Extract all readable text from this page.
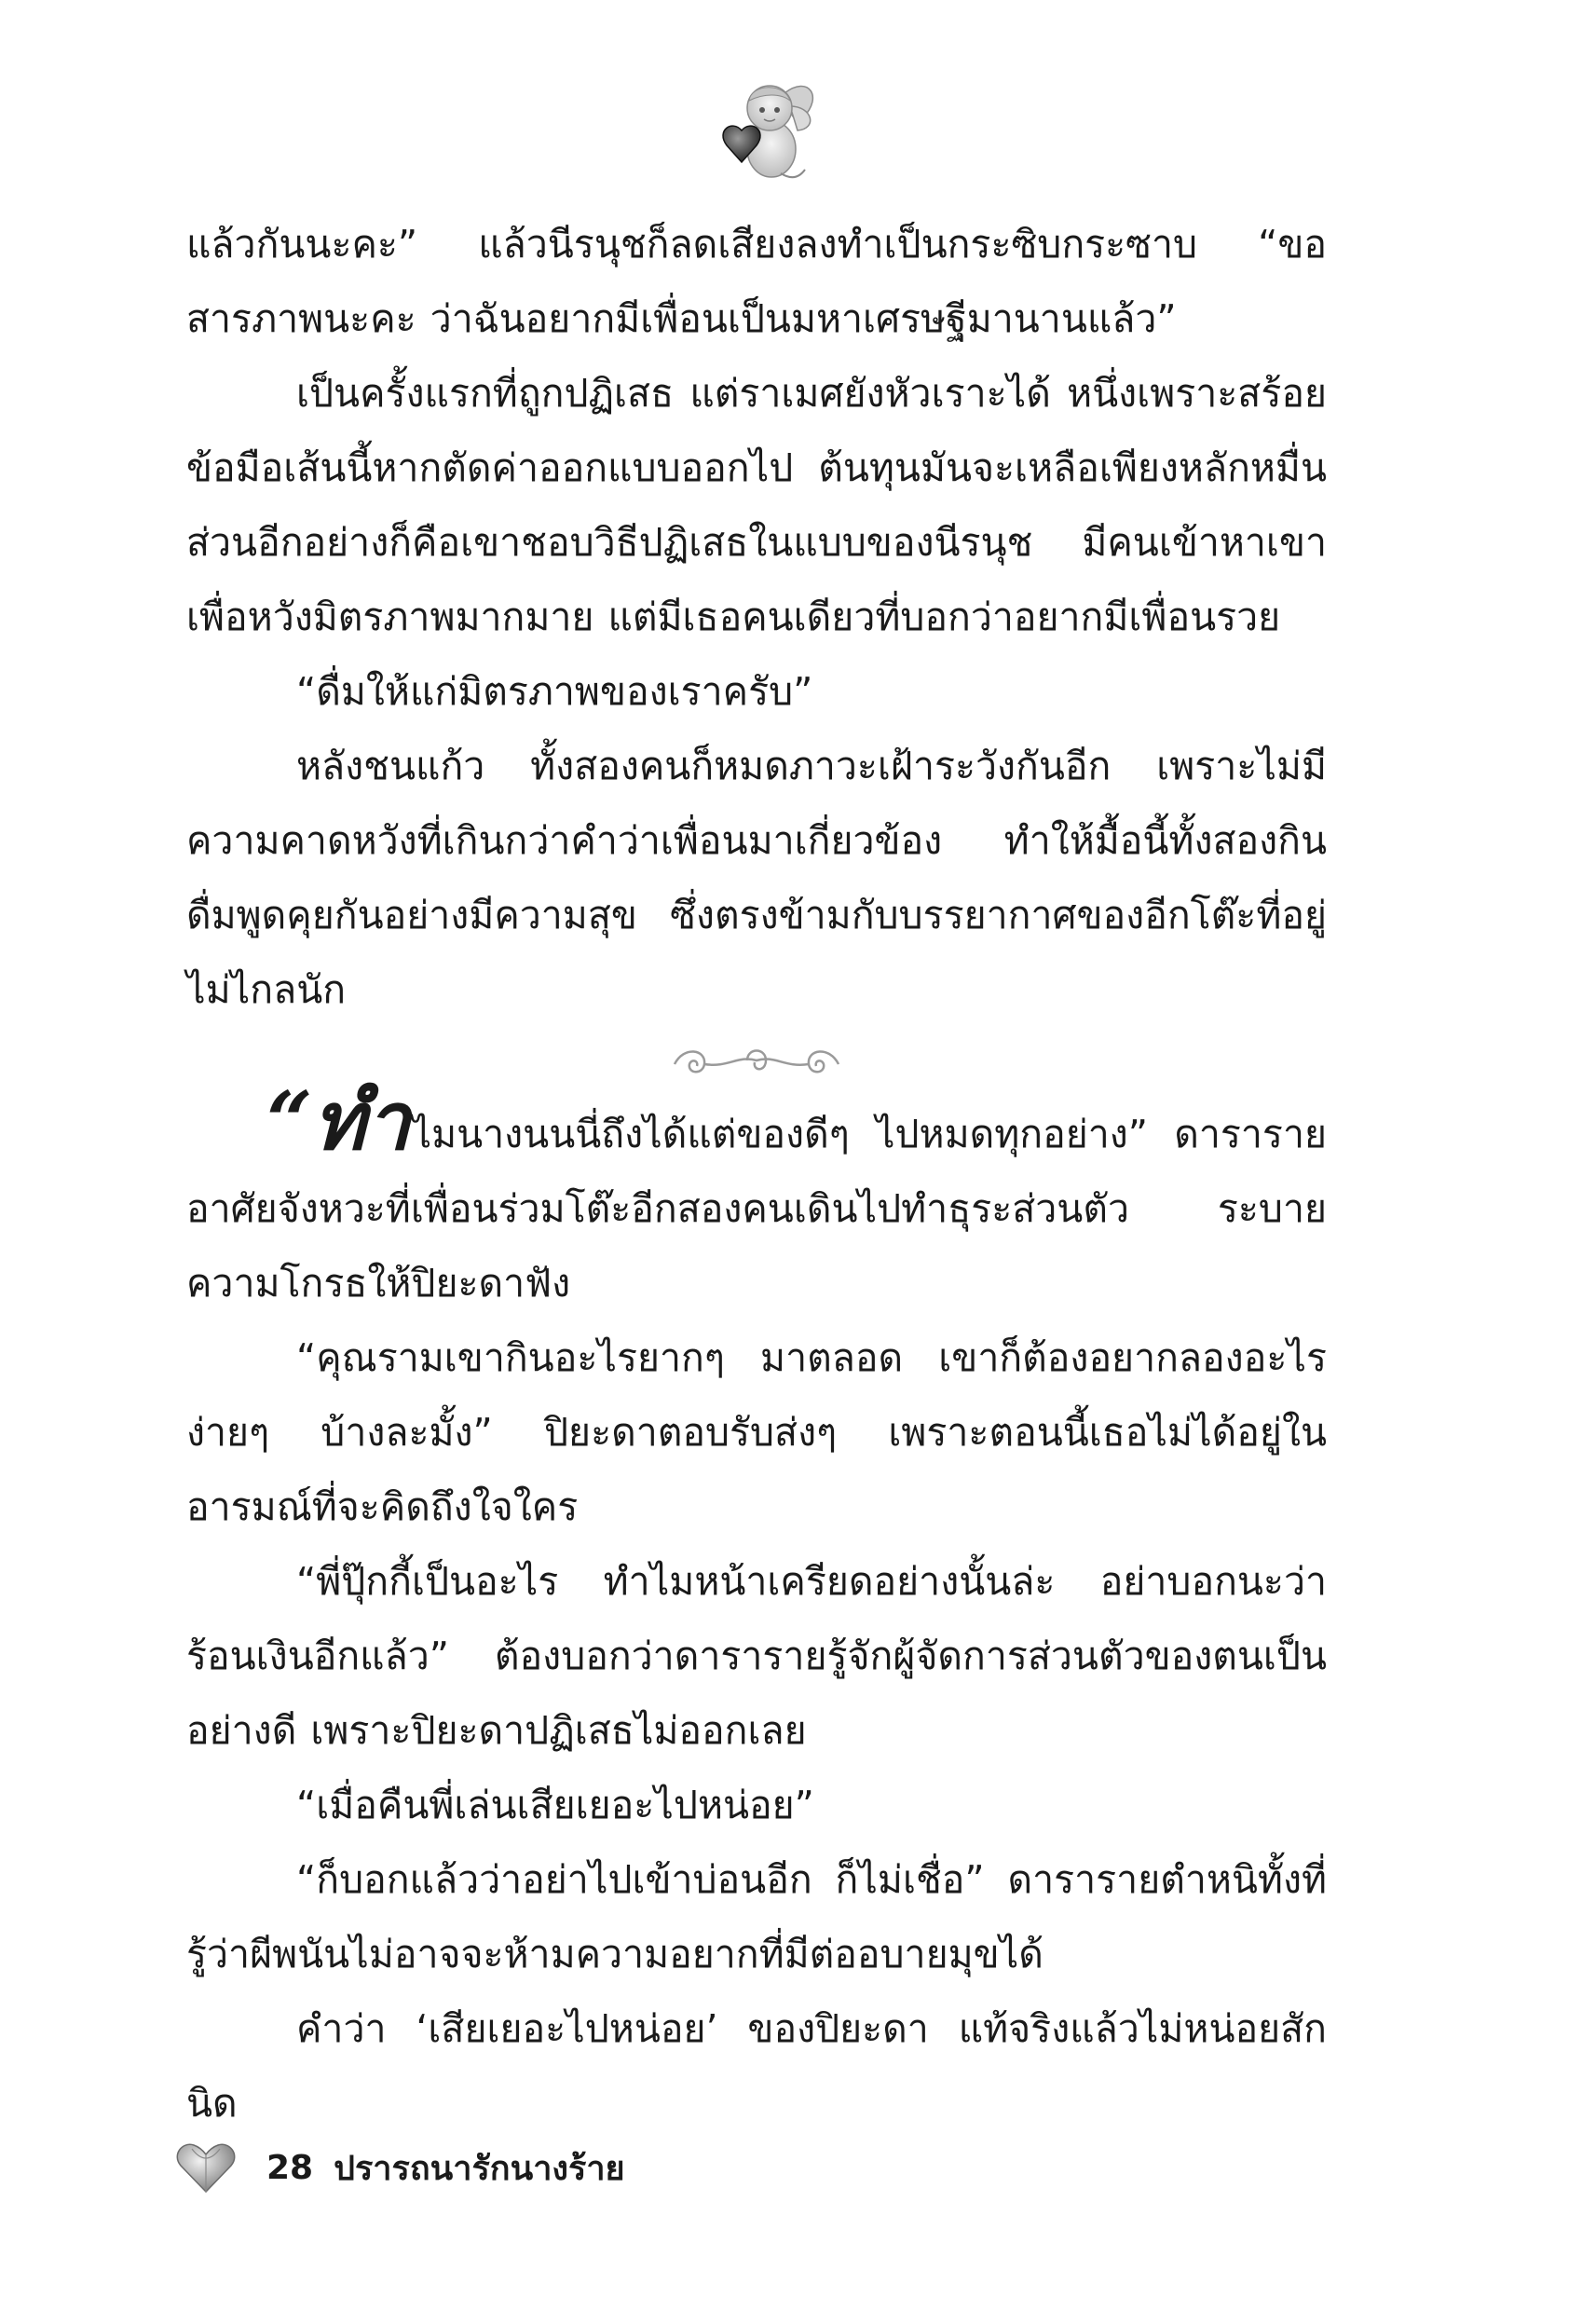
แล้วกันนะคะ” แล้วนีรนุชก็ลดเสียงลงทำเป็นกระซิบกระซาบ “ขอสารภาพนะคะ ว่าฉันอยากมีเพื่อนเป็นมหาเศรษฐีมานานแล้ว”

เป็นครั้งแรกที่ถูกปฏิเสธ แต่ราเมศยังหัวเราะได้ หนึ่งเพราะสร้อยข้อมือเส้นนี้หากตัดค่าออกแบบออกไป ต้นทุนมันจะเหลือเพียงหลักหมื่น ส่วนอีกอย่างก็คือเขาชอบวิธีปฏิเสธในแบบของนีรนุช มีคนเข้าหาเขาเพื่อหวังมิตรภาพมากมาย แต่มีเธอคนเดียวที่บอกว่าอยากมีเพื่อนรวย

“ดื่มให้แก่มิตรภาพของเราครับ”

หลังชนแก้ว ทั้งสองคนก็หมดภาวะเฝ้าระวังกันอีก เพราะไม่มีความคาดหวังที่เกินกว่าคำว่าเพื่อนมาเกี่ยวข้อง ทำให้มื้อนี้ทั้งสองกินดื่มพูดคุยกันอย่างมีความสุข ซึ่งตรงข้ามกับบรรยากาศของอีกโต๊ะที่อยู่ไม่ไกลนัก

“ทำไมนางนนนี่ถึงได้แต่ของดีๆ ไปหมดทุกอย่าง” ดารารายอาศัยจังหวะที่เพื่อนร่วมโต๊ะอีกสองคนเดินไปทำธุระส่วนตัว ระบายความโกรธให้ปิยะดาฟัง

“คุณรามเขากินอะไรยากๆ มาตลอด เขาก็ต้องอยากลองอะไรง่ายๆ บ้างละมั้ง” ปิยะดาตอบรับส่งๆ เพราะตอนนี้เธอไม่ได้อยู่ในอารมณ์ที่จะคิดถึงใจใคร

“พี่ปุ๊กกี้เป็นอะไร ทำไมหน้าเครียดอย่างนั้นล่ะ อย่าบอกนะว่าร้อนเงินอีกแล้ว” ต้องบอกว่าดารารายรู้จักผู้จัดการส่วนตัวของตนเป็นอย่างดี เพราะปิยะดาปฏิเสธไม่ออกเลย

“เมื่อคืนพี่เล่นเสียเยอะไปหน่อย”

“ก็บอกแล้วว่าอย่าไปเข้าบ่อนอีก ก็ไม่เชื่อ” ดารารายตำหนิทั้งที่รู้ว่าผีพนันไม่อาจจะห้ามความอยากที่มีต่ออบายมุขได้

คำว่า ‘เสียเยอะไปหน่อย’ ของปิยะดา แท้จริงแล้วไม่หน่อยสักนิด

28 ปรารถนารักนางร้าย
